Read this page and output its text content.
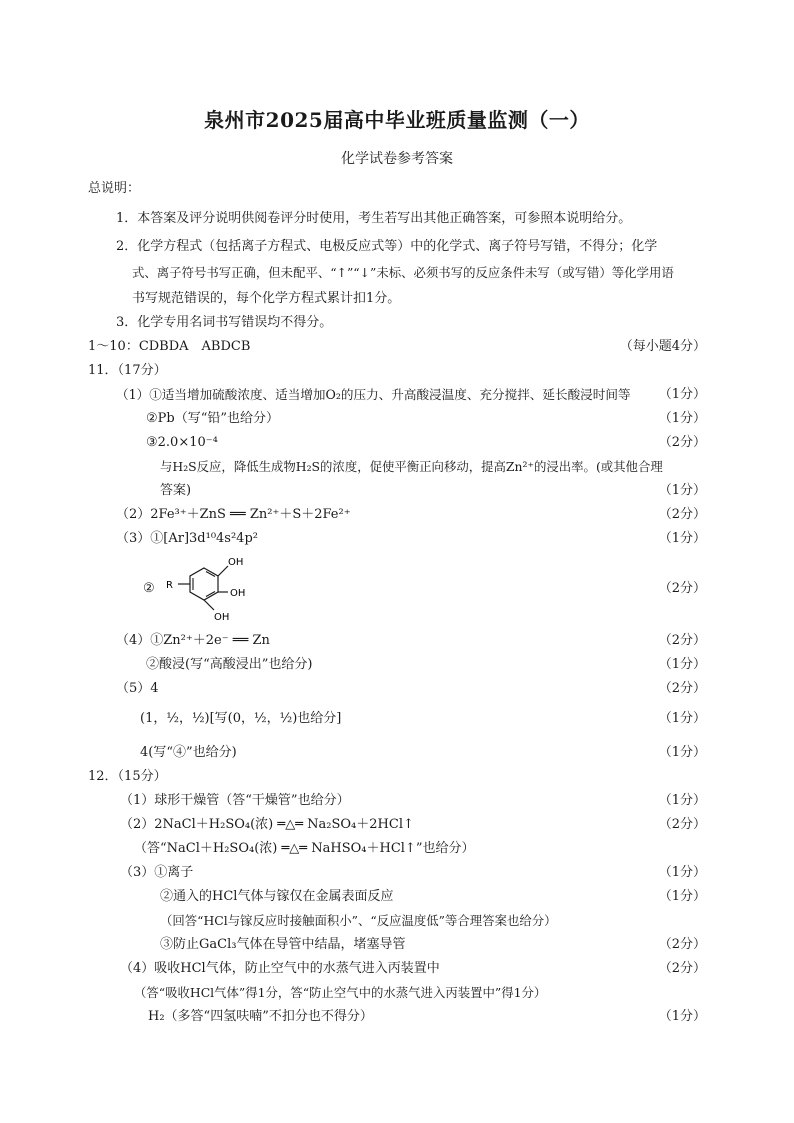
泉州市2025届高中毕业班质量监测（一）
化学试卷参考答案
总说明：
1．本答案及评分说明供阅卷评分时使用，考生若写出其他正确答案，可参照本说明给分。
2．化学方程式（包括离子方程式、电极反应式等）中的化学式、离子符号写错，不得分；化学
式、离子符号书写正确，但未配平、“↑”“↓”未标、必须书写的反应条件未写（或写错）等化学用语
书写规范错误的，每个化学方程式累计扣1分。
3．化学专用名词书写错误均不得分。
1～10：CDBDA　ABDCB	（每小题4分）
11．（17分）
（1）①适当增加硫酸浓度、适当增加O₂的压力、升高酸浸温度、充分搅拌、延长酸浸时间等 （1分）
②Pb（写“铅”也给分）	（1分）
③2.0×10⁻⁴	（2分）
与H₂S反应，降低生成物H₂S的浓度，促使平衡正向移动，提高Zn²⁺的浸出率。(或其他合理
答案)	（1分）
（2）2Fe³⁺＋ZnS ══ Zn²⁺＋S＋2Fe²⁺	（2分）
（3）①[Ar]3d¹⁰4s²4p²	（1分）
②	（2分）
R
OH
OH
OH
（4）①Zn²⁺＋2e⁻ ══ Zn	（2分）
②酸浸(写“高酸浸出”也给分)	（1分）
（5）4	（2分）
(1，½，½)[写(0，½，½)也给分]	（1分）
4(写“④”也给分)	（1分）
12．（15分）
（1）球形干燥管（答“干燥管”也给分）	（1分）
（2）2NaCl＋H₂SO₄(浓) ═△═ Na₂SO₄＋2HCl↑	（2分）
（答“NaCl＋H₂SO₄(浓) ═△═ NaHSO₄＋HCl↑”也给分）
（3）①离子	（1分）
②通入的HCl气体与镓仅在金属表面反应	（1分）
（回答“HCl与镓反应时接触面积小”、“反应温度低”等合理答案也给分）
③防止GaCl₃气体在导管中结晶，堵塞导管	（2分）
（4）吸收HCl气体，防止空气中的水蒸气进入丙装置中	（2分）
（答“吸收HCl气体”得1分，答“防止空气中的水蒸气进入丙装置中”得1分）
H₂（多答“四氢呋喃”不扣分也不得分）	（1分）
